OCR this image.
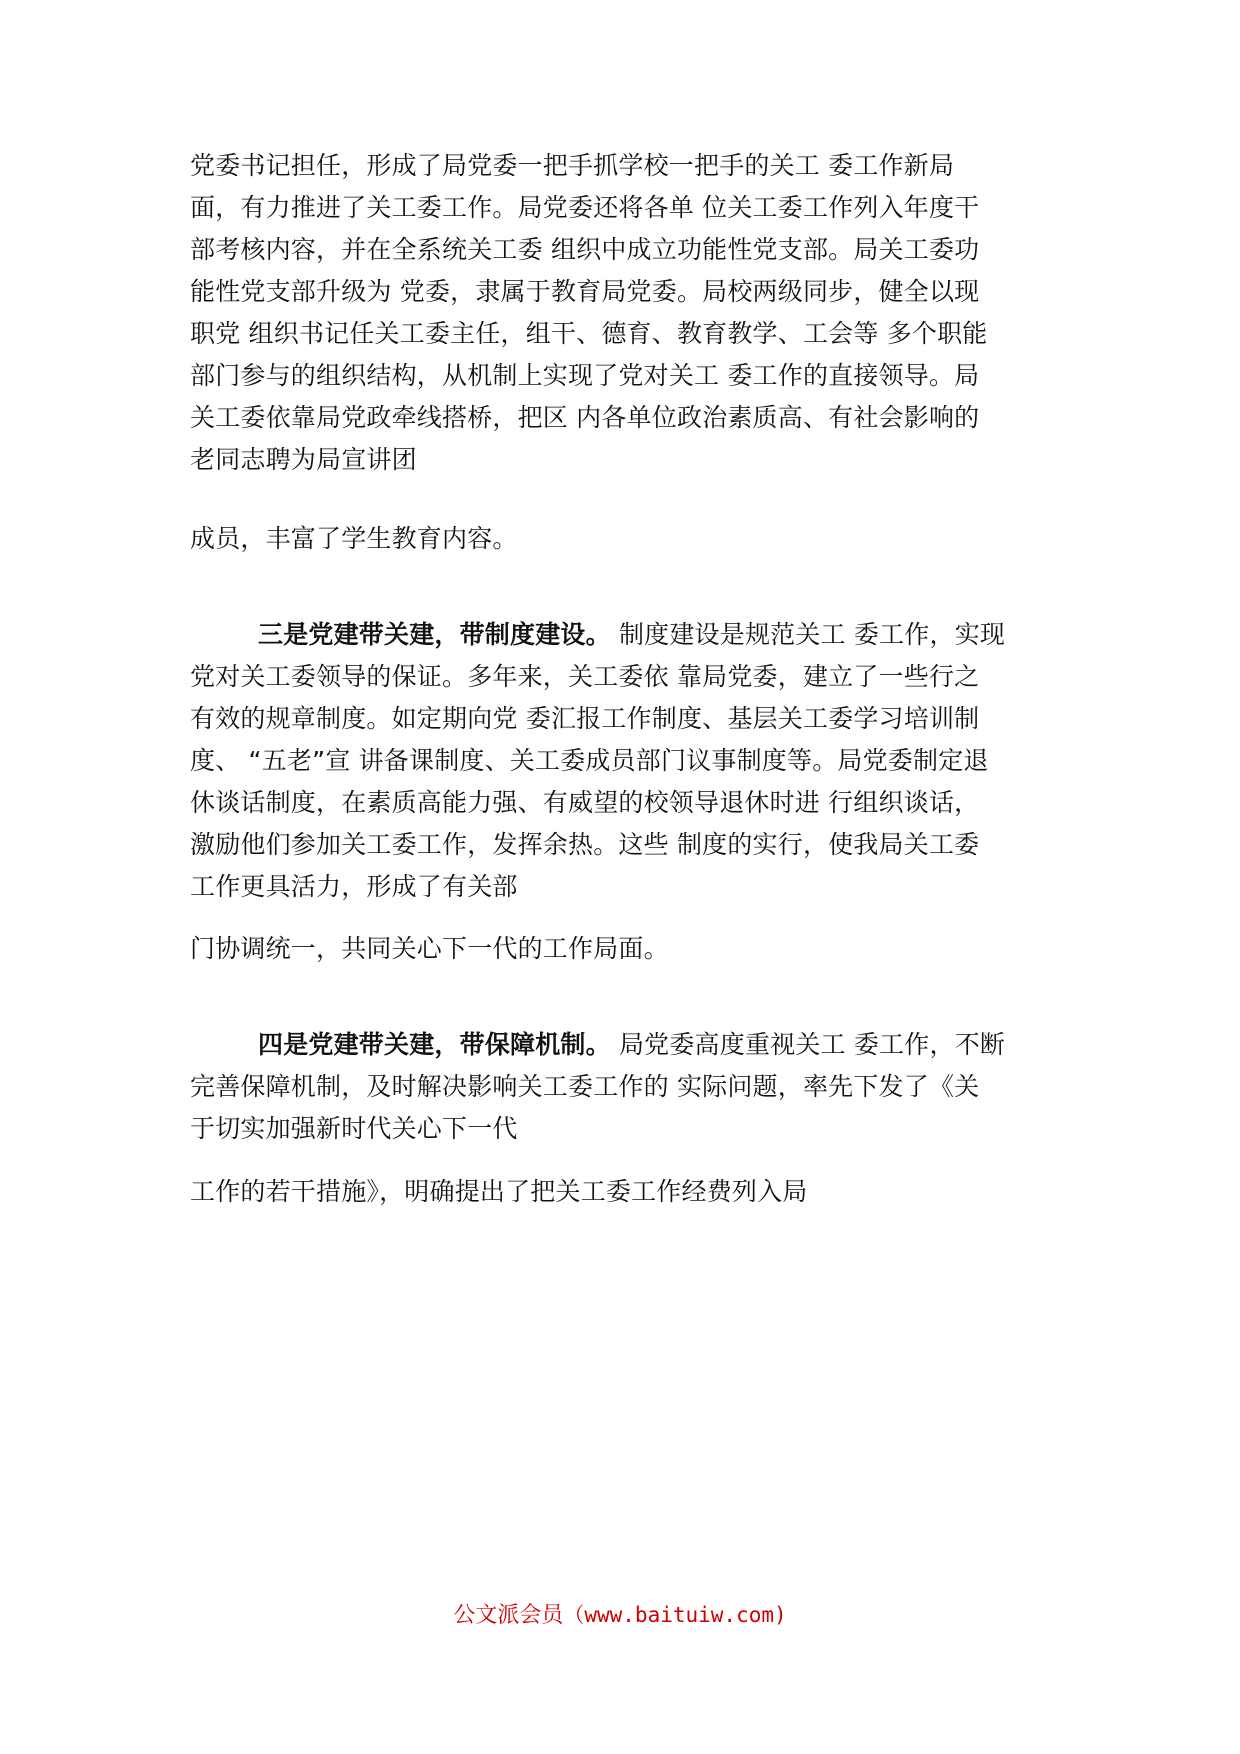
党委书记担任，形成了局党委一把手抓学校一把手的关工 委工作新局
面，有力推进了关工委工作。局党委还将各单 位关工委工作列入年度干
部考核内容，并在全系统关工委 组织中成立功能性党支部。局关工委功
能性党支部升级为 党委，隶属于教育局党委。局校两级同步，健全以现
职党 组织书记任关工委主任，组干、德育、教育教学、工会等 多个职能
部门参与的组织结构，从机制上实现了党对关工 委工作的直接领导。局
关工委依靠局党政牵线搭桥，把区 内各单位政治素质高、有社会影响的
老同志聘为局宣讲团
成员，丰富了学生教育内容。
三是党建带关建，带制度建设。 制度建设是规范关工 委工作，实现
党对关工委领导的保证。多年来，关工委依 靠局党委，建立了一些行之
有效的规章制度。如定期向党 委汇报工作制度、基层关工委学习培训制
度、 “五老”宣 讲备课制度、关工委成员部门议事制度等。局党委制定退
休谈话制度，在素质高能力强、有威望的校领导退休时进 行组织谈话，
激励他们参加关工委工作，发挥余热。这些 制度的实行，使我局关工委
工作更具活力，形成了有关部
门协调统一，共同关心下一代的工作局面。
四是党建带关建，带保障机制。 局党委高度重视关工 委工作，不断
完善保障机制，及时解决影响关工委工作的 实际问题，率先下发了《关
于切实加强新时代关心下一代
工作的若干措施》，明确提出了把关工委工作经费列入局
公文派会员（www.baituiw.com)
